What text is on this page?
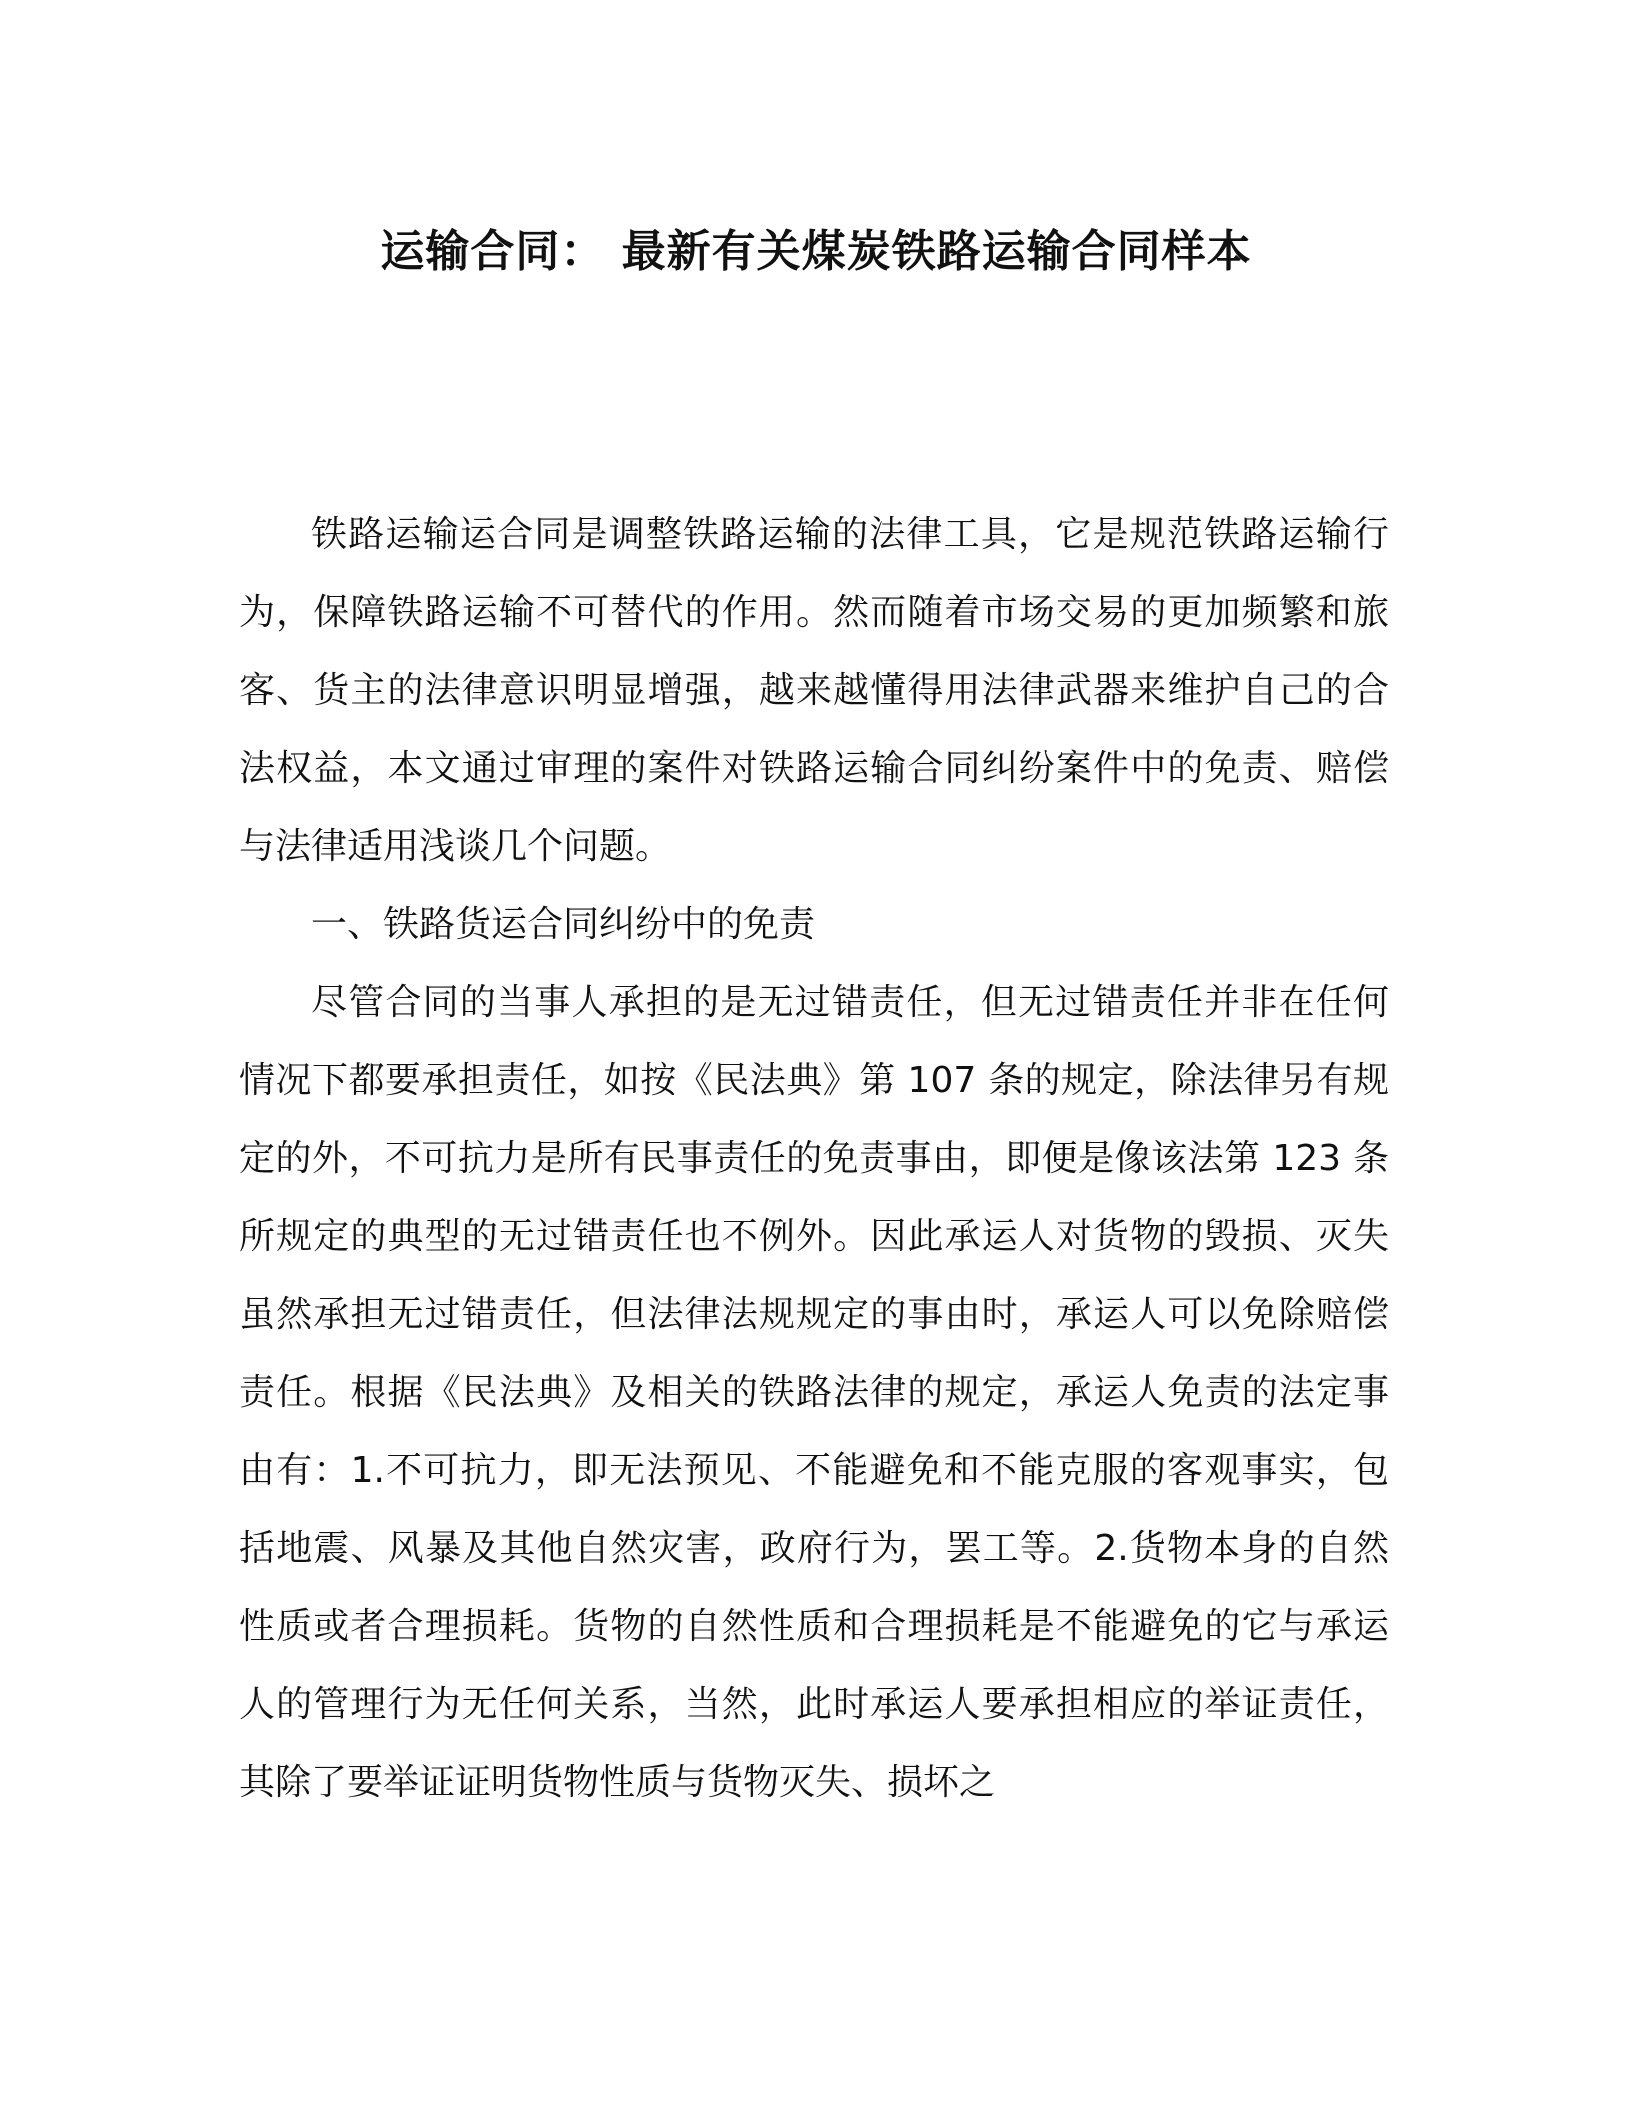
运输合同： 最新有关煤炭铁路运输合同样本

铁路运输运合同是调整铁路运输的法律工具，它是规范铁路运输行为，保障铁路运输不可替代的作用。然而随着市场交易的更加频繁和旅客、货主的法律意识明显增强，越来越懂得用法律武器来维护自己的合法权益，本文通过审理的案件对铁路运输合同纠纷案件中的免责、赔偿与法律适用浅谈几个问题。

一、铁路货运合同纠纷中的免责

尽管合同的当事人承担的是无过错责任，但无过错责任并非在任何情况下都要承担责任，如按《民法典》第 107 条的规定，除法律另有规定的外，不可抗力是所有民事责任的免责事由，即便是像该法第 123 条所规定的典型的无过错责任也不例外。因此承运人对货物的毁损、灭失虽然承担无过错责任，但法律法规规定的事由时，承运人可以免除赔偿责任。根据《民法典》及相关的铁路法律的规定，承运人免责的法定事由有：1.不可抗力，即无法预见、不能避免和不能克服的客观事实，包括地震、风暴及其他自然灾害，政府行为，罢工等。2.货物本身的自然性质或者合理损耗。货物的自然性质和合理损耗是不能避免的它与承运人的管理行为无任何关系，当然，此时承运人要承担相应的举证责任，其除了要举证证明货物性质与货物灭失、损坏之
